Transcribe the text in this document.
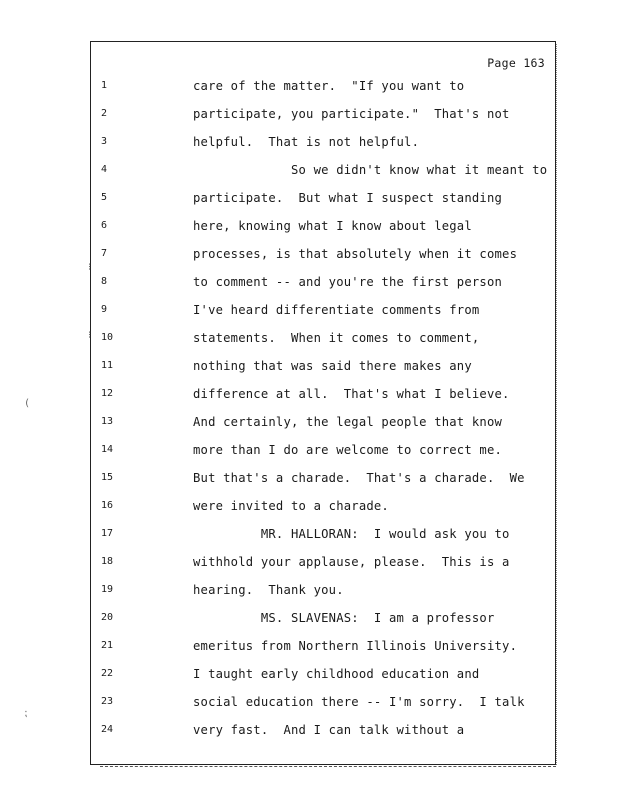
Page 163
1	care of the matter.  "If you want to
2	participate, you participate."  That's not
3	helpful.  That is not helpful.
4	So we didn't know what it meant to
5	participate.  But what I suspect standing
6	here, knowing what I know about legal
7	processes, is that absolutely when it comes
8	to comment -- and you're the first person
9	I've heard differentiate comments from
10	statements.  When it comes to comment,
11	nothing that was said there makes any
12	difference at all.  That's what I believe.
13	And certainly, the legal people that know
14	more than I do are welcome to correct me.
15	But that's a charade.  That's a charade.  We
16	were invited to a charade.
17	MR. HALLORAN:  I would ask you to
18	withhold your applause, please.  This is a
19	hearing.  Thank you.
20	MS. SLAVENAS:  I am a professor
21	emeritus from Northern Illinois University.
22	I taught early childhood education and
23	social education there -- I'm sorry.  I talk
24	very fast.  And I can talk without a
⁝
⁝
(
⁏
